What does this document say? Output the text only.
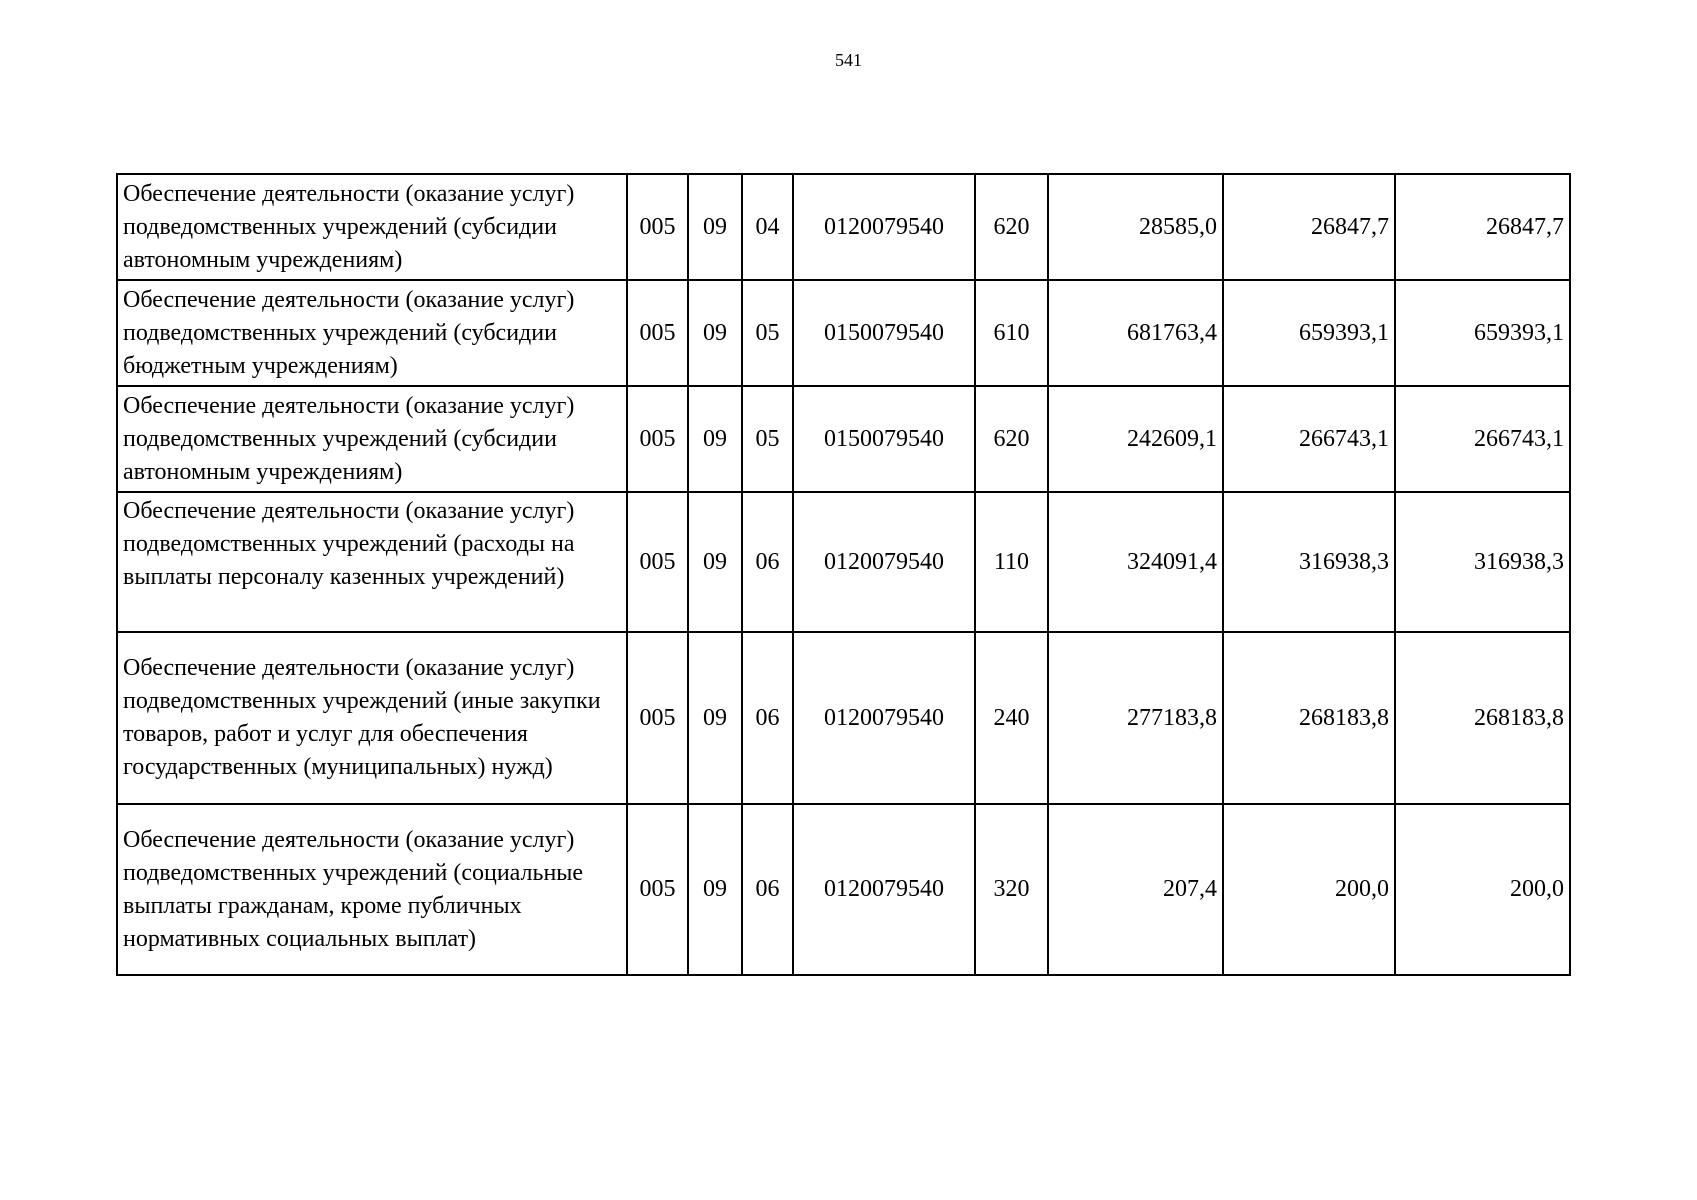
541
Обеспечение деятельности (оказание услуг) подведомственных учреждений (субсидии автономным учреждениям)	005	09	04	0120079540	620	28585,0	26847,7	26847,7
Обеспечение деятельности (оказание услуг) подведомственных учреждений (субсидии бюджетным учреждениям)	005	09	05	0150079540	610	681763,4	659393,1	659393,1
Обеспечение деятельности (оказание услуг) подведомственных учреждений (субсидии автономным учреждениям)	005	09	05	0150079540	620	242609,1	266743,1	266743,1
Обеспечение деятельности (оказание услуг) подведомственных учреждений (расходы на выплаты персоналу казенных учреждений)	005	09	06	0120079540	110	324091,4	316938,3	316938,3
Обеспечение деятельности (оказание услуг) подведомственных учреждений (иные закупки товаров, работ и услуг для обеспечения государственных (муниципальных) нужд)	005	09	06	0120079540	240	277183,8	268183,8	268183,8
Обеспечение деятельности (оказание услуг) подведомственных учреждений (социальные выплаты гражданам, кроме публичных нормативных социальных выплат)	005	09	06	0120079540	320	207,4	200,0	200,0
